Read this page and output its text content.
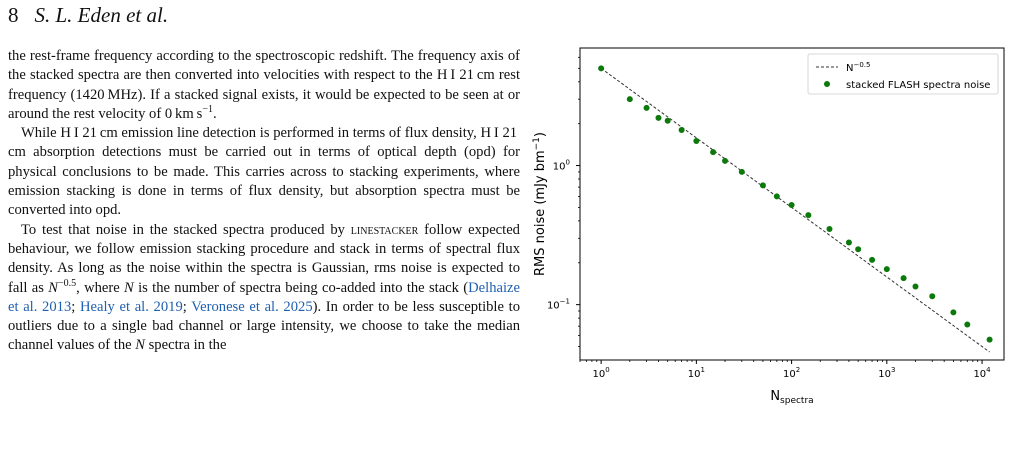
8 S. L. Eden et al.

the rest-frame frequency according to the spectroscopic redshift. The frequency axis of the stacked spectra are then converted into velocities with respect to the H I 21 cm rest frequency (1420 MHz). If a stacked signal exists, it would be expected to be seen at or around the rest velocity of 0 km $s^{-1}$.

While H I 21 cm emission line detection is performed in terms of flux density, H I 21 cm absorption detections must be carried out in terms of optical depth (opd) for physical conclusions to be made. This carries across to stacking experiments, where emission stacking is done in terms of flux density, but absorption spectra must be converted into opd.

To test that noise in the stacked spectra produced by linestacker follow expected behaviour, we follow emission stacking procedure and stack in terms of spectral flux density. As long as the noise within the spectra is Gaussian, rms noise is expected to fall as $N^{-0.5}$, where N is the number of spectra being co-added into the stack (Delhaize et al. 2013; Healy et al. 2019; Veronese et al. 2025). In order to be less susceptible to outliers due to a single bad channel or large intensity, we choose to take the median channel values of the N spectra in the

$10^0$	$10^1$	$10^2$	$10^3$	$10^4$
$10^{-1}$
$10^0$
$N_{spectra}$
RMS noise (mJy $bm^{-1}$)
$N^{-0.5}$
stacked FLASH spectra noise
